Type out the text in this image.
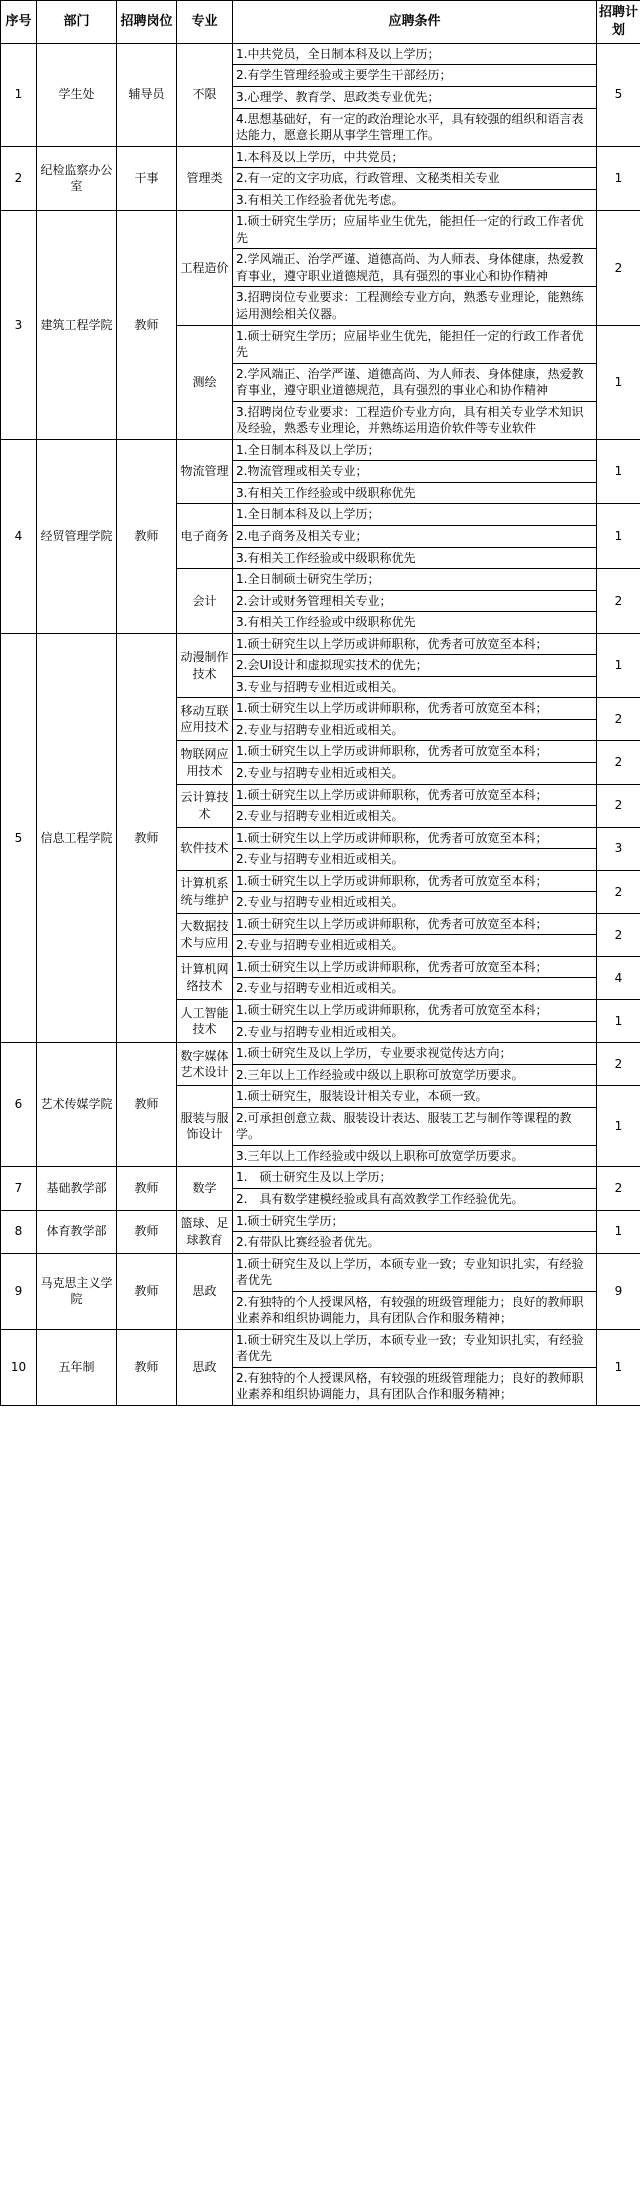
序号	部门	招聘岗位	专业	应聘条件	招聘计划
1	学生处	辅导员	不限	1.中共党员，全日制本科及以上学历；	5
				2.有学生管理经验或主要学生干部经历；	
				3.心理学、教育学、思政类专业优先；	
				4.思想基础好，有一定的政治理论水平，具有较强的组织和语言表达能力，愿意长期从事学生管理工作。	
2	纪检监察办公室	干事	管理类	1.本科及以上学历，中共党员；	1
				2.有一定的文字功底，行政管理、文秘类相关专业	
				3.有相关工作经验者优先考虑。	
3	建筑工程学院	教师	工程造价	1.硕士研究生学历；应届毕业生优先，能担任一定的行政工作者优先	2
				2.学风端正、治学严谨、道德高尚、为人师表、身体健康，热爱教育事业，遵守职业道德规范，具有强烈的事业心和协作精神	
				3.招聘岗位专业要求：工程测绘专业方向，熟悉专业理论，能熟练运用测绘相关仪器。	
			测绘	1.硕士研究生学历；应届毕业生优先，能担任一定的行政工作者优先	1
				2.学风端正、治学严谨、道德高尚、为人师表、身体健康，热爱教育事业，遵守职业道德规范，具有强烈的事业心和协作精神	
				3.招聘岗位专业要求：工程造价专业方向，具有相关专业学术知识及经验，熟悉专业理论，并熟练运用造价软件等专业软件	
4	经贸管理学院	教师	物流管理	1.全日制本科及以上学历；	1
				2.物流管理或相关专业；	
				3.有相关工作经验或中级职称优先	
			电子商务	1.全日制本科及以上学历；	1
				2.电子商务及相关专业；	
				3.有相关工作经验或中级职称优先	
			会计	1.全日制硕士研究生学历；	2
				2.会计或财务管理相关专业；	
				3.有相关工作经验或中级职称优先	
5	信息工程学院	教师	动漫制作技术	1.硕士研究生以上学历或讲师职称，优秀者可放宽至本科；	1
				2.会UI设计和虚拟现实技术的优先；	
				3.专业与招聘专业相近或相关。	
			移动互联应用技术	1.硕士研究生以上学历或讲师职称，优秀者可放宽至本科；	2
				2.专业与招聘专业相近或相关。	
			物联网应用技术	1.硕士研究生以上学历或讲师职称，优秀者可放宽至本科；	2
				2.专业与招聘专业相近或相关。	
			云计算技术	1.硕士研究生以上学历或讲师职称，优秀者可放宽至本科；	2
				2.专业与招聘专业相近或相关。	
			软件技术	1.硕士研究生以上学历或讲师职称，优秀者可放宽至本科；	3
				2.专业与招聘专业相近或相关。	
			计算机系统与维护	1.硕士研究生以上学历或讲师职称，优秀者可放宽至本科；	2
				2.专业与招聘专业相近或相关。	
			大数据技术与应用	1.硕士研究生以上学历或讲师职称，优秀者可放宽至本科；	2
				2.专业与招聘专业相近或相关。	
			计算机网络技术	1.硕士研究生以上学历或讲师职称，优秀者可放宽至本科；	4
				2.专业与招聘专业相近或相关。	
			人工智能技术	1.硕士研究生以上学历或讲师职称，优秀者可放宽至本科；	1
				2.专业与招聘专业相近或相关。	
6	艺术传媒学院	教师	数字媒体艺术设计	1.硕士研究生及以上学历，专业要求视觉传达方向；	2
				2.三年以上工作经验或中级以上职称可放宽学历要求。	
			服装与服饰设计	1.硕士研究生，服装设计相关专业，本硕一致。	1
				2.可承担创意立裁、服装设计表达、服装工艺与制作等课程的教学。	
				3.三年以上工作经验或中级以上职称可放宽学历要求。	
7	基础教学部	教师	数学	1.　硕士研究生及以上学历；	2
				2.　具有数学建模经验或具有高效教学工作经验优先。	
8	体育教学部	教师	篮球、足球教育	1.硕士研究生学历；	1
				2.有带队比赛经验者优先。	
9	马克思主义学院	教师	思政	1.硕士研究生及以上学历，本硕专业一致；专业知识扎实，有经验者优先	9
				2.有独特的个人授课风格，有较强的班级管理能力；良好的教师职业素养和组织协调能力，具有团队合作和服务精神；	
10	五年制	教师	思政	1.硕士研究生及以上学历，本硕专业一致；专业知识扎实，有经验者优先	1
				2.有独特的个人授课风格，有较强的班级管理能力；良好的教师职业素养和组织协调能力，具有团队合作和服务精神；	
